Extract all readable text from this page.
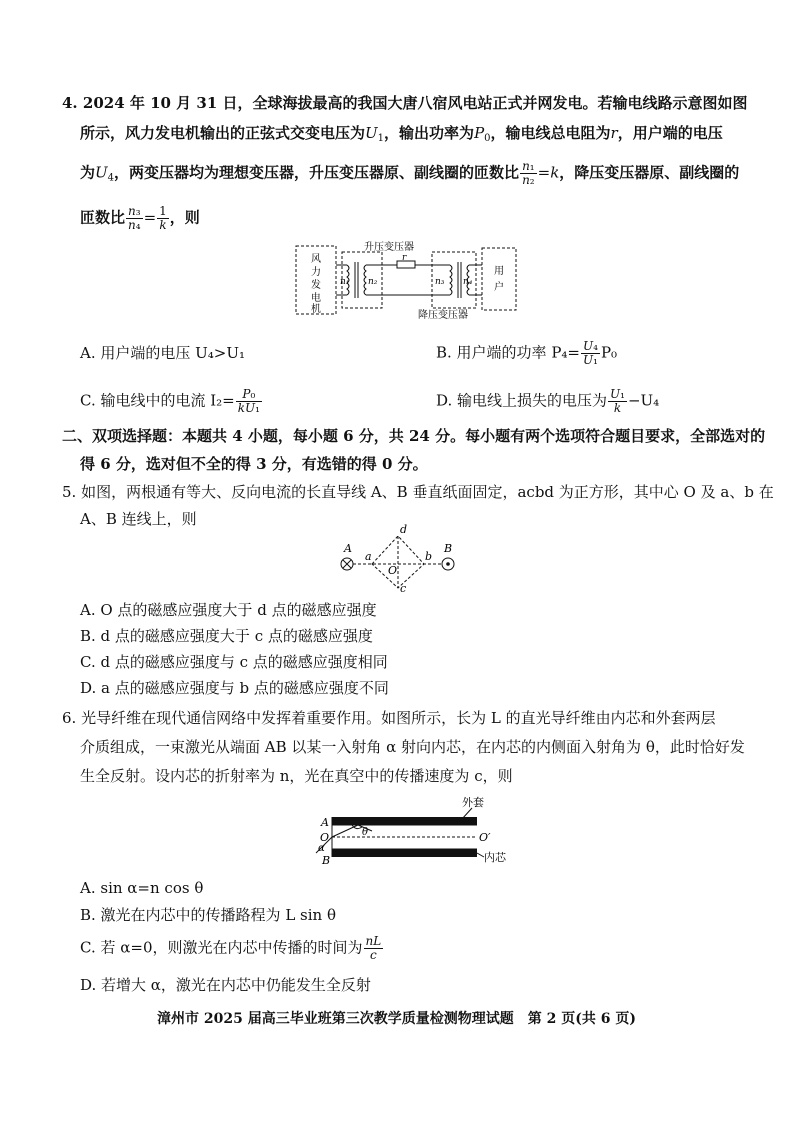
4. 2024 年 10 月 31 日，全球海拔最高的我国大唐八宿风电站正式并网发电。若输电线路示意图如图
所示，风力发电机输出的正弦式交变电压为$U_1$，输出功率为$P_0$，输电线总电阻为r，用户端的电压
为$U_4$，两变压器均为理想变压器，升压变压器原、副线圈的匝数比 $\frac{\text{n₁}}{\text{n₂}} =k$，降压变压器原、副线圈的
匝数比 $\frac{\text{n₃}}{\text{n₄}} = \frac{1}{k}$ ，则
风
力
发
电
机
升压变压器
n₁ n₂
r
降压变压器
n₃ n₄
用
户
A. 用户端的电压 U₄>U₁	B. 用户端的功率 $P_4= \frac{\text{U₄}}{\text{U₁}} P_0$
C. 输电线中的电流 $I_2= \frac{\text{P₀}}{\text{kU₁}}$	D. 输电线上损失的电压为 $\frac{\text{U₁}}{k} -U_4$
二、双项选择题：本题共 4 小题，每小题 6 分，共 24 分。每小题有两个选项符合题目要求，全部选对的
得 6 分，选对但不全的得 3 分，有选错的得 0 分。
5. 如图，两根通有等大、反向电流的长直导线 A、B 垂直纸面固定，acbd 为正方形，其中心 O 及 a、b 在
A、B 连线上，则
A	B
a	b
d
c
O
A. O 点的磁感应强度大于 d 点的磁感应强度
B. d 点的磁感应强度大于 c 点的磁感应强度
C. d 点的磁感应强度与 c 点的磁感应强度相同
D. a 点的磁感应强度与 b 点的磁感应强度不同
6. 光导纤维在现代通信网络中发挥着重要作用。如图所示，长为 L 的直光导纤维由内芯和外套两层
介质组成，一束激光从端面 AB 以某一入射角 α 射向内芯，在内芯的内侧面入射角为 θ，此时恰好发
生全反射。设内芯的折射率为 n，光在真空中的传播速度为 c，则
外套
θ
A
O
α
B
O′
内芯
A. sin α=n cos θ
B. 激光在内芯中的传播路程为 L sin θ
C. 若 α=0，则激光在内芯中传播的时间为 $\frac{nL}{c}$
D. 若增大 α，激光在内芯中仍能发生全反射
漳州市 2025 届高三毕业班第三次教学质量检测物理试题　第 2 页(共 6 页)
